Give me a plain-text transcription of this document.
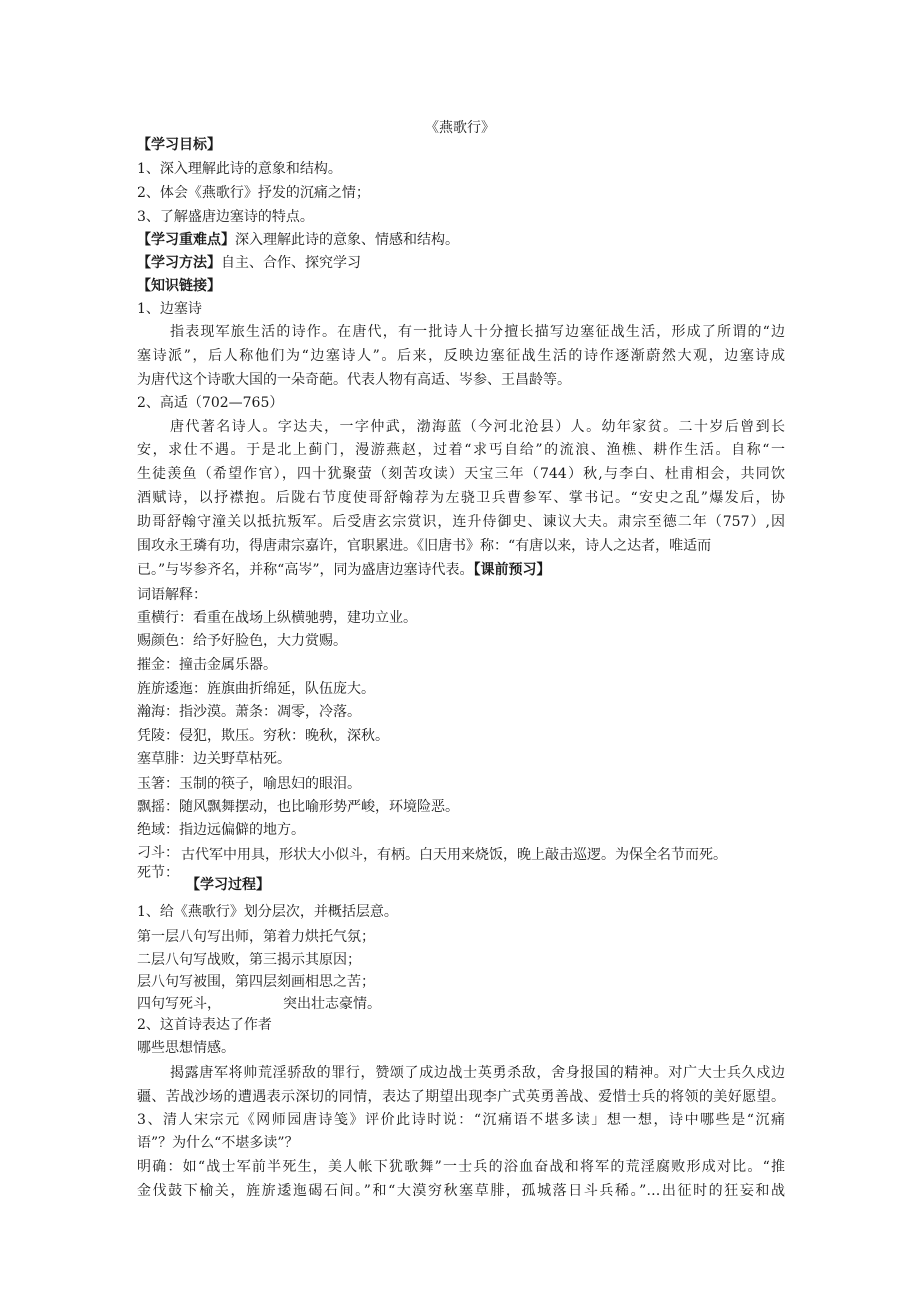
《燕歌行》
【学习目标】
1、深入理解此诗的意象和结构。
2、体会《燕歌行》抒发的沉痛之情；
3、了解盛唐边塞诗的特点。
【学习重难点】深入理解此诗的意象、情感和结构。
【学习方法】自主、合作、探究学习
【知识链接】
1、边塞诗
指表现军旅生活的诗作。在唐代，有一批诗人十分擅长描写边塞征战生活，形成了所谓的“边
塞诗派”，后人称他们为“边塞诗人”。后来，反映边塞征战生活的诗作逐渐蔚然大观，边塞诗成
为唐代这个诗歌大国的一朵奇葩。代表人物有高适、岑参、王昌龄等。
2、高适（702—765）
唐代著名诗人。字达夫，一字仲武，渤海蓝（今河北沧县）人。幼年家贫。二十岁后曾到长
安，求仕不遇。于是北上蓟门，漫游燕赵，过着“求丐自给”的流浪、渔樵、耕作生活。自称“一
生徒羡鱼（希望作官），四十犹聚萤（刻苦攻读）天宝三年（744）秋,与李白、杜甫相会，共同饮
酒赋诗，以抒襟抱。后陇右节度使哥舒翰荐为左骁卫兵曹参军、掌书记。“安史之乱”爆发后，协
助哥舒翰守潼关以抵抗叛军。后受唐玄宗赏识，连升侍御史、谏议大夫。肃宗至德二年（757）,因
围攻永王璘有功，得唐肃宗嘉许，官职累进。《旧唐书》称：“有唐以来，诗人之达者，唯适而
已。”与岑参齐名，并称“高岑”，同为盛唐边塞诗代表。【课前预习】
词语解释：
重横行：看重在战场上纵横驰骋，建功立业。
赐颜色：给予好脸色，大力赏赐。
摧金：撞击金属乐器。
旌旂逶迤：旌旗曲折绵延，队伍庞大。
瀚海：指沙漠。萧条：凋零，冷落。
凭陵：侵犯，欺压。穷秋：晚秋，深秋。
塞草腓：边关野草枯死。
玉箸：玉制的筷子，喻思妇的眼泪。
飘摇：随风飘舞摆动，也比喻形势严峻，环境险恶。
绝域：指边远偏僻的地方。
刁斗： 古代军中用具，形状大小似斗，有柄。白天用来烧饭，晚上敲击巡逻。为保全名节而死。
死节：
【学习过程】
1、给《燕歌行》划分层次，并概括层意。
第一层八句写出师，第着力烘托气氛；
二层八句写战败，第三揭示其原因；
层八句写被围，第四层刻画相思之苦；
四句写死斗，	突出壮志豪情。
2、这首诗表达了作者
哪些思想情感。
揭露唐军将帅荒淫骄敌的罪行，赞颂了成边战士英勇杀敌，舍身报国的精神。对广大士兵久戍边
疆、苦战沙场的遭遇表示深切的同情，表达了期望出现李广式英勇善战、爱惜士兵的将领的美好愿望。
3、清人宋宗元《网师园唐诗笺》评价此诗时说：“沉痛语不堪多读」想一想，诗中哪些是“沉痛
语”？为什么“不堪多读”？
明确：如“战士军前半死生，美人帐下犹歌舞”一士兵的浴血奋战和将军的荒淫腐败形成对比。“推
金伐鼓下榆关，旌旂逶迤碣石间。”和“大漠穷秋塞草腓，孤城落日斗兵稀。”…出征时的狂妄和战
